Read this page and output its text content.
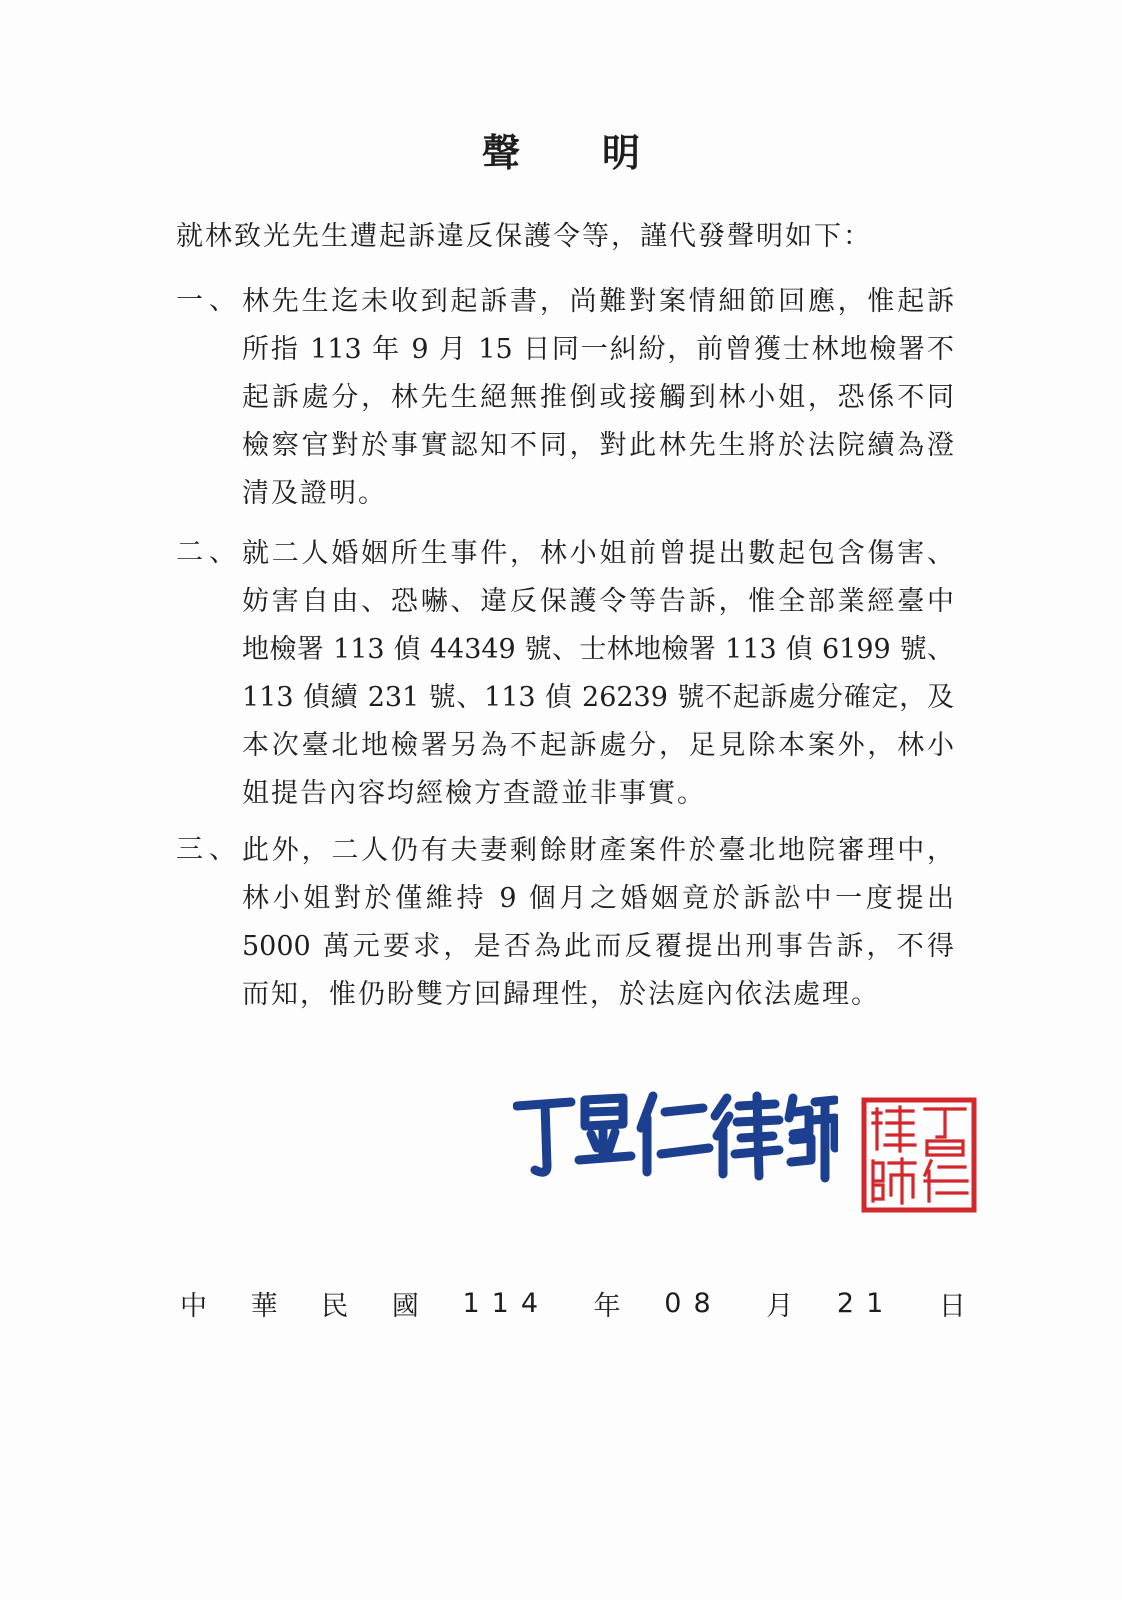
聲明
就林致光先生遭起訴違反保護令等，謹代發聲明如下：
一、 林先生迄未收到起訴書，尚難對案情細節回應，惟起訴
所指 113 年 9 月 15 日同一糾紛，前曾獲士林地檢署不
起訴處分，林先生絕無推倒或接觸到林小姐，恐係不同
檢察官對於事實認知不同，對此林先生將於法院續為澄
清及證明。
二、 就二人婚姻所生事件，林小姐前曾提出數起包含傷害、
妨害自由、恐嚇、違反保護令等告訴，惟全部業經臺中
地檢署 113 偵 44349 號、士林地檢署 113 偵 6199 號、
113 偵續 231 號、113 偵 26239 號不起訴處分確定，及
本次臺北地檢署另為不起訴處分，足見除本案外，林小
姐提告內容均經檢方查證並非事實。
三、 此外，二人仍有夫妻剩餘財產案件於臺北地院審理中，
林小姐對於僅維持 9 個月之婚姻竟於訴訟中一度提出
5000 萬元要求，是否為此而反覆提出刑事告訴，不得
而知，惟仍盼雙方回歸理性，於法庭內依法處理。
中 華 民 國 114 年 08 月 21 日
